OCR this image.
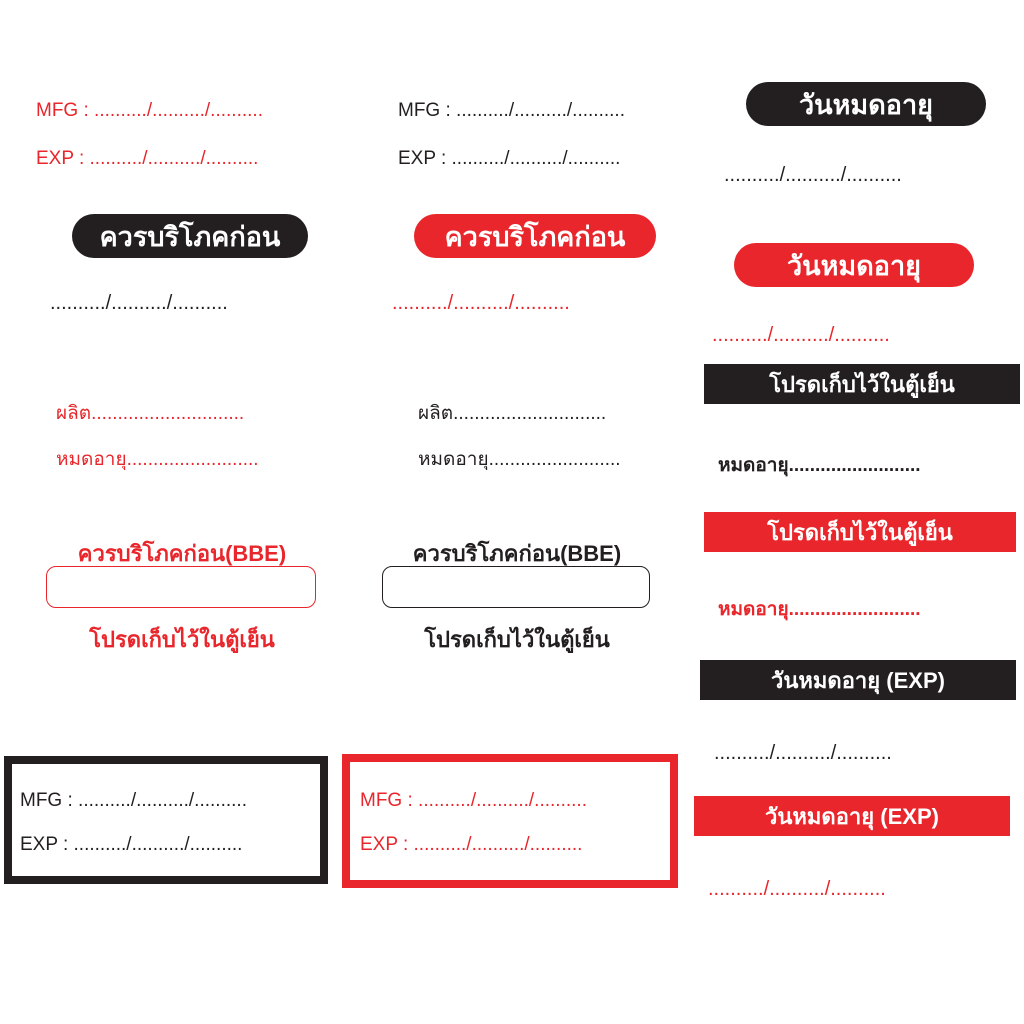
MFG : ........../........../..........
EXP : ........../........../..........
MFG : ........../........../..........
EXP : ........../........../..........
วันหมดอายุ
........../........../..........
ควรบริโภคก่อน	ควรบริโภคก่อน
........../........../..........	........../........../..........
วันหมดอายุ
........../........../..........
ผลิต.............................
หมดอายุ.........................
ผลิต.............................
หมดอายุ.........................
โปรดเก็บไว้ในตู้เย็น
หมดอายุ.........................
ควรบริโภคก่อน(BBE)
โปรดเก็บไว้ในตู้เย็น
ควรบริโภคก่อน(BBE)
โปรดเก็บไว้ในตู้เย็น
โปรดเก็บไว้ในตู้เย็น
หมดอายุ.........................
วันหมดอายุ (EXP)
........../........../..........
MFG : ........../........../..........
EXP : ........../........../..........
MFG : ........../........../..........
EXP : ........../........../..........
วันหมดอายุ (EXP)
........../........../..........
